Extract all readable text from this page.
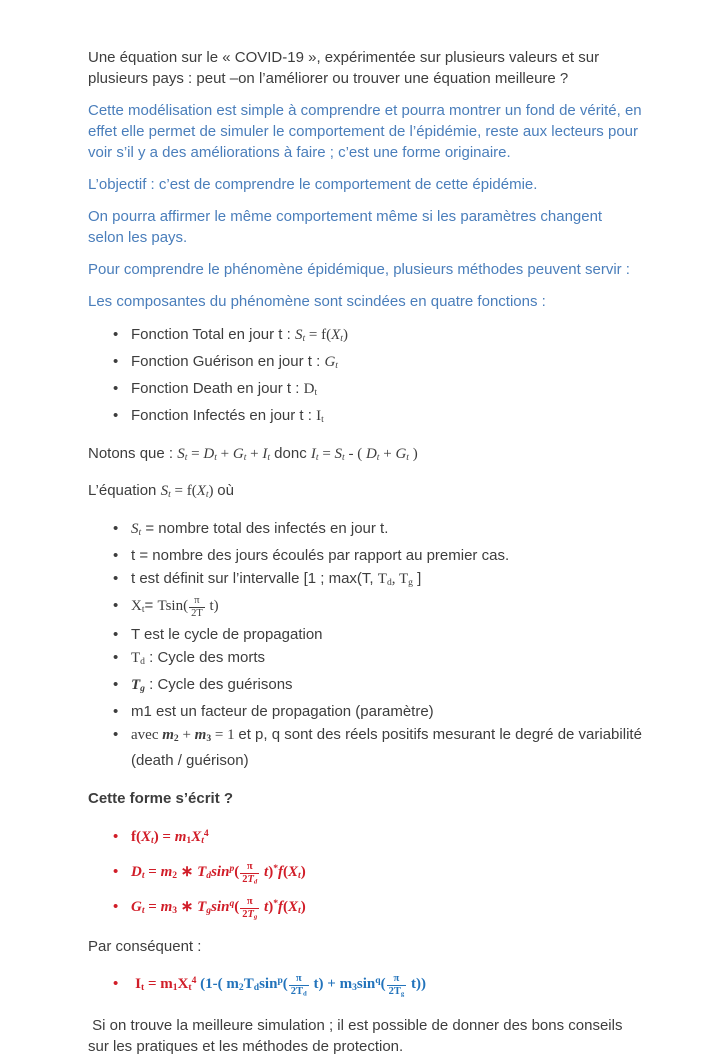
Une équation sur le « COVID-19 », expérimentée sur plusieurs valeurs et sur plusieurs pays : peut –on l’améliorer ou trouver une équation meilleure ?

Cette modélisation est simple à comprendre et pourra montrer un fond de vérité, en effet elle permet de simuler le comportement de l’épidémie, reste aux lecteurs pour voir s’il y a des améliorations à faire ; c’est une forme originaire.

L’objectif : c’est de comprendre le comportement de cette épidémie.

On pourra affirmer le même comportement même si les paramètres changent selon les pays.

Pour comprendre le phénomène épidémique, plusieurs méthodes peuvent servir :

Les composantes du phénomène sont scindées en quatre fonctions :

• Fonction Total en jour t : St = f(Xt)
• Fonction Guérison en jour t : Gt
• Fonction Death en jour t : Dt
• Fonction Infectés en jour t : It

Notons que : St = Dt + Gt + It donc It = St - ( Dt + Gt )

L’équation St = f(Xt) où

• St = nombre total des infectés en jour t.
• t = nombre des jours écoulés par rapport au premier cas.
• t est définit sur l’intervalle [1 ; max(T, Td, Tg ]
• $Xt= Tsin( \frac{\pi}{2T} t)$
• T est le cycle de propagation
• Td : Cycle des morts
• Tg : Cycle des guérisons
• m1 est un facteur de propagation (paramètre)
• avec m2 + m3 = 1 et p, q sont des réels positifs mesurant le degré de variabilité (death / guérison)

Cette forme s’écrit ?

• $f(Xt) = m1Xt^4$
• Dt = m2 ∗ $Tdsin^p( \frac{\pi}{2Td} t)^*f(Xt)$
• Gt = m3 ∗ $Tgsin^q( \frac{\pi}{2Tg} t)^*f(Xt)$

Par conséquent :

• $It = m1Xt^4$ (1-( $m2Tdsin^p( \frac{\pi}{2Td} t) + m3\sin^q( \frac{\pi}{2Tg} t)$)

Si on trouve la meilleure simulation ; il est possible de donner des bons conseils sur les pratiques et les méthodes de protection.
